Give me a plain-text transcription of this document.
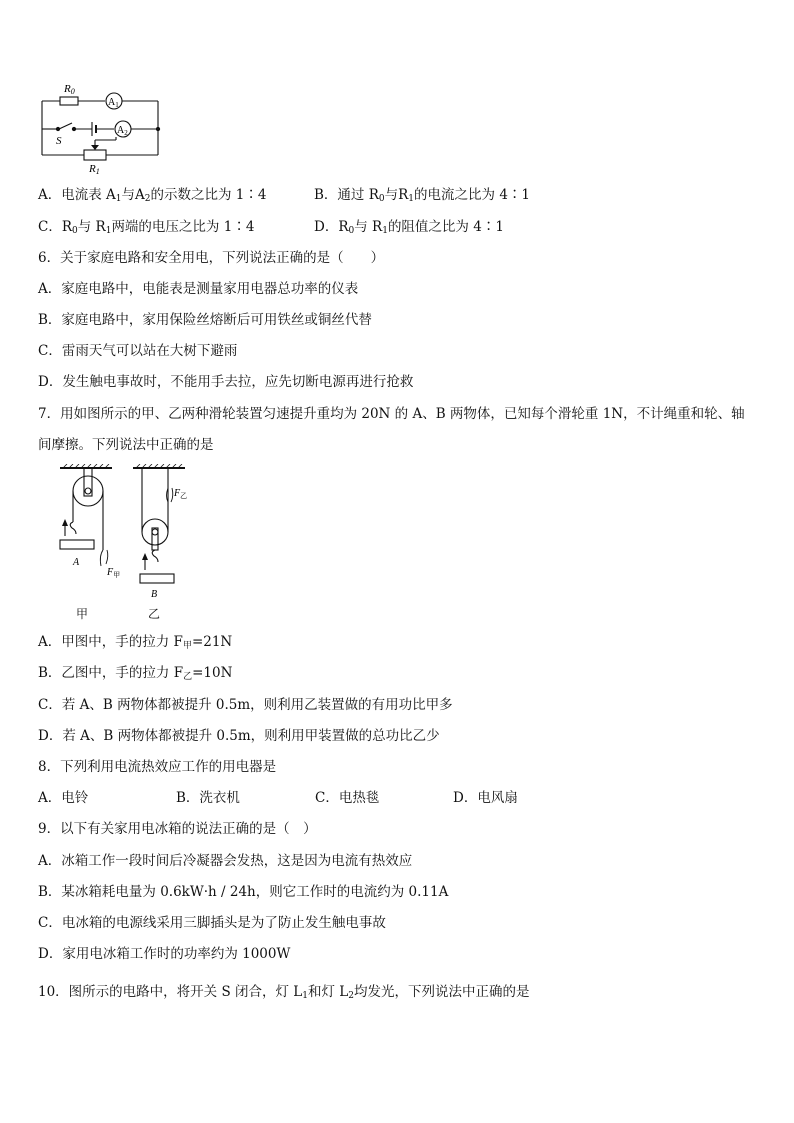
R0
$A_1$
$A_2$
S
R1
A．电流表 $A_1$与$A_2$的示数之比为 1∶4	B．通过 $R_0$与$R_1$的电流之比为 4∶1
C．$R_0$与 $R_1$两端的电压之比为 1∶4	D．$R_0$与 $R_1$的阻值之比为 4∶1
6．关于家庭电路和安全用电，下列说法正确的是（　　）
A．家庭电路中，电能表是测量家用电器总功率的仪表
B．家庭电路中，家用保险丝熔断后可用铁丝或铜丝代替
C．雷雨天气可以站在大树下避雨
D．发生触电事故时，不能用手去拉，应先切断电源再进行抢救
7．用如图所示的甲、乙两种滑轮装置匀速提升重均为 20N 的 A、B 两物体，已知每个滑轮重 1N，不计绳重和轮、轴
间摩擦。下列说法中正确的是
A
B
$F_甲$
$F_乙$
甲	乙
A．甲图中，手的拉力 $F_甲=21N$
B．乙图中，手的拉力 $F_乙=10N$
C．若 A、B 两物体都被提升 0.5m，则利用乙装置做的有用功比甲多
D．若 A、B 两物体都被提升 0.5m，则利用甲装置做的总功比乙少
8．下列利用电流热效应工作的用电器是
A．电铃	B．洗衣机	C．电热毯	D．电风扇
9．以下有关家用电冰箱的说法正确的是（　）
A．冰箱工作一段时间后冷凝器会发热，这是因为电流有热效应
B．某冰箱耗电量为 0.6kW·h / 24h，则它工作时的电流约为 0.11A
C．电冰箱的电源线采用三脚插头是为了防止发生触电事故
D．家用电冰箱工作时的功率约为 1000W
10．图所示的电路中，将开关 S 闭合，灯 $L_1$和灯 $L_2$均发光，下列说法中正确的是
